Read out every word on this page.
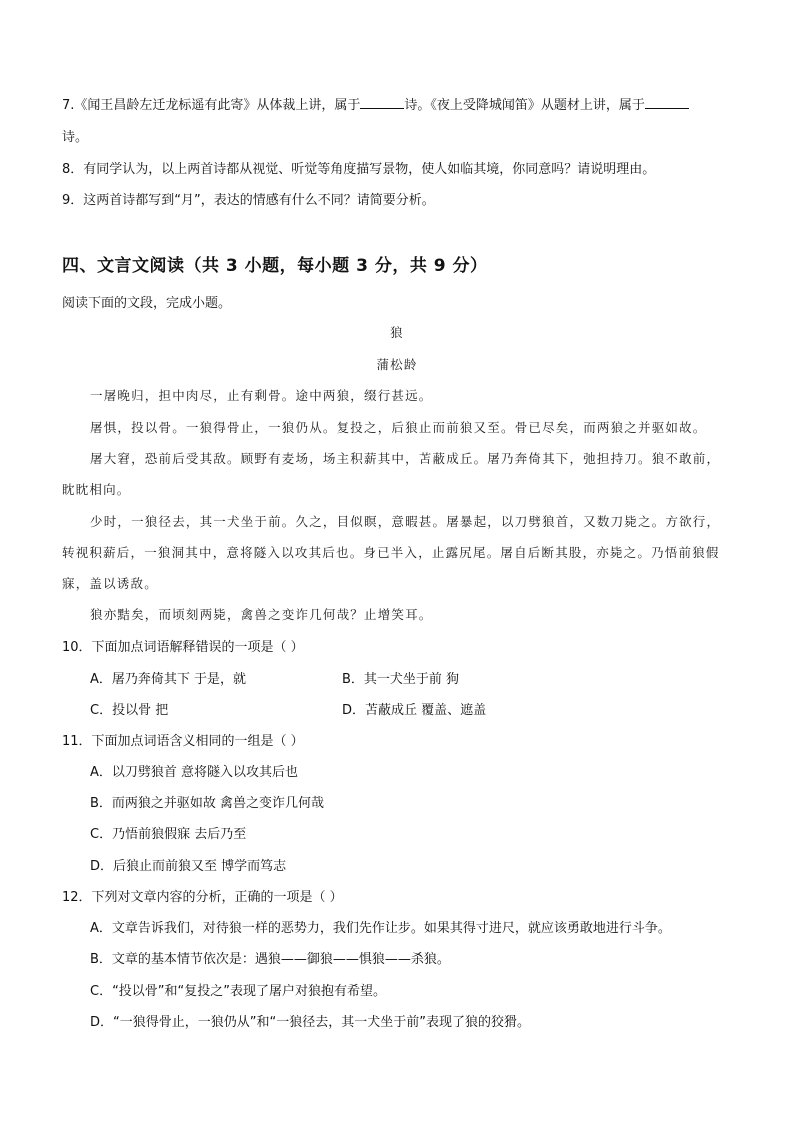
7.《闻王昌龄左迁龙标遥有此寄》从体裁上讲，属于	诗。《夜上受降城闻笛》从题材上讲，属于
诗。
8．有同学认为，以上两首诗都从视觉、听觉等角度描写景物，使人如临其境，你同意吗？请说明理由。
9．这两首诗都写到“月”，表达的情感有什么不同？请简要分析。
四、文言文阅读（共 3 小题，每小题 3 分，共 9 分）
阅读下面的文段，完成小题。
狼
蒲松龄
一屠晚归，担中肉尽，止有剩骨。途中两狼，缀行甚远。
屠惧，投以骨。一狼得骨止，一狼仍从。复投之，后狼止而前狼又至。骨已尽矣，而两狼之并驱如故。
屠大窘，恐前后受其敌。顾野有麦场，场主积薪其中，苫蔽成丘。屠乃奔倚其下，弛担持刀。狼不敢前，
眈眈相向。
少时，一狼径去，其一犬坐于前。久之，目似瞑，意暇甚。屠暴起，以刀劈狼首，又数刀毙之。方欲行，
转视积薪后，一狼洞其中，意将隧入以攻其后也。身已半入，止露尻尾。屠自后断其股，亦毙之。乃悟前狼假
寐，盖以诱敌。
狼亦黠矣，而顷刻两毙，禽兽之变诈几何哉？止增笑耳。
10．下面加点词语解释错误的一项是（ ）
A．屠乃奔倚其下 于是，就	B．其一犬坐于前 狗
C．投以骨 把	D．苫蔽成丘 覆盖、遮盖
11．下面加点词语含义相同的一组是（ ）
A．以刀劈狼首 意将隧入以攻其后也
B．而两狼之并驱如故 禽兽之变诈几何哉
C．乃悟前狼假寐 去后乃至
D．后狼止而前狼又至 博学而笃志
12．下列对文章内容的分析，正确的一项是（ ）
A．文章告诉我们，对待狼一样的恶势力，我们先作让步。如果其得寸进尺，就应该勇敢地进行斗争。
B．文章的基本情节依次是：遇狼——御狼——惧狼——杀狼。
C．“投以骨”和“复投之”表现了屠户对狼抱有希望。
D．“一狼得骨止，一狼仍从”和“一狼径去，其一犬坐于前”表现了狼的狡猾。
